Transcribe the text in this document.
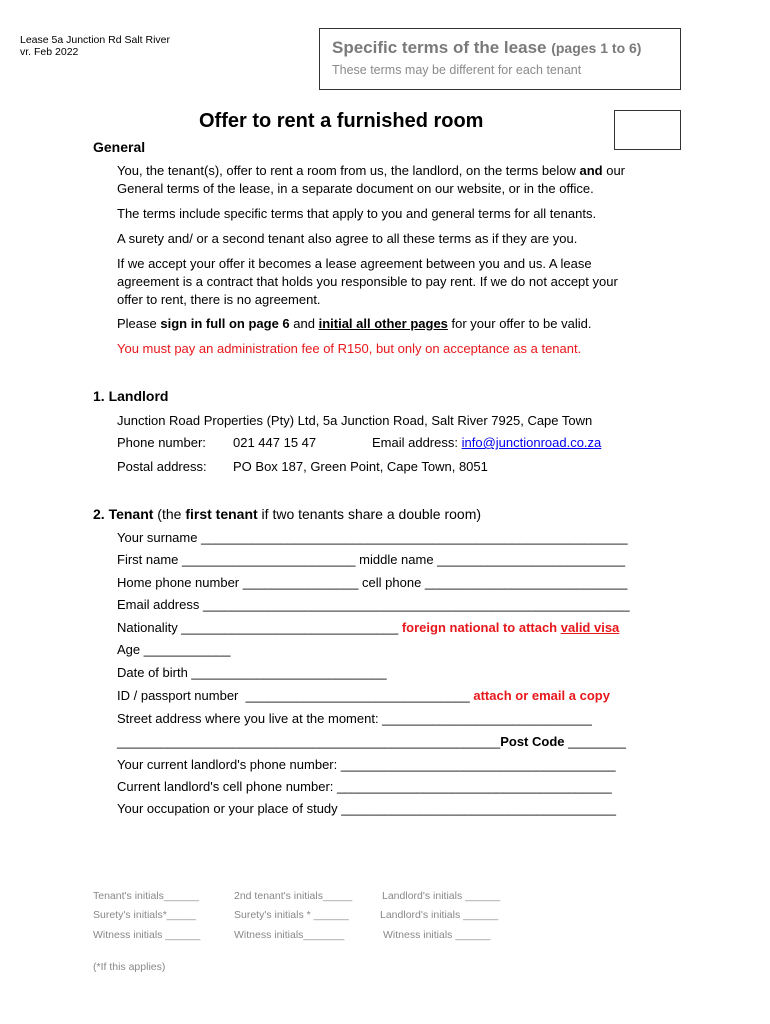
Lease 5a Junction Rd Salt River
vr. Feb 2022	Specific terms of the lease (pages 1 to 6)
These terms may be different for each tenant
Offer to rent a furnished room
General
You, the tenant(s), offer to rent a room from us, the landlord, on the terms below and our
General terms of the lease, in a separate document on our website, or in the office.
The terms include specific terms that apply to you and general terms for all tenants.
A surety and/ or a second tenant also agree to all these terms as if they are you.
If we accept your offer it becomes a lease agreement between you and us. A lease
agreement is a contract that holds you responsible to pay rent. If we do not accept your
offer to rent, there is no agreement.
Please sign in full on page 6 and initial all other pages for your offer to be valid.
You must pay an administration fee of R150, but only on acceptance as a tenant.
1. Landlord
Junction Road Properties (Pty) Ltd, 5a Junction Road, Salt River 7925, Cape Town
Phone number: 021 447 15 47	Email address: info@junctionroad.co.za
Postal address: PO Box 187, Green Point, Cape Town, 8051
2. Tenant (the first tenant if two tenants share a double room)
Your surname ___________________________________________________________
First name ________________________ middle name __________________________
Home phone number ________________ cell phone ____________________________
Email address ___________________________________________________________
Nationality ______________________________ foreign national to attach valid visa
Age ____________
Date of birth ___________________________
ID / passport number  _______________________________ attach or email a copy
Street address where you live at the moment: _____________________________
_____________________________________________________Post Code ________
Your current landlord's phone number: ______________________________________
Current landlord's cell phone number: ______________________________________
Your occupation or your place of study ______________________________________
Tenant's initials______	2nd tenant's initials_____	Landlord's initials ______
Surety's initials*_____	Surety's initials * ______	Landlord's initials ______
Witness initials ______	Witness initials_______	Witness initials ______
(*If this applies)
